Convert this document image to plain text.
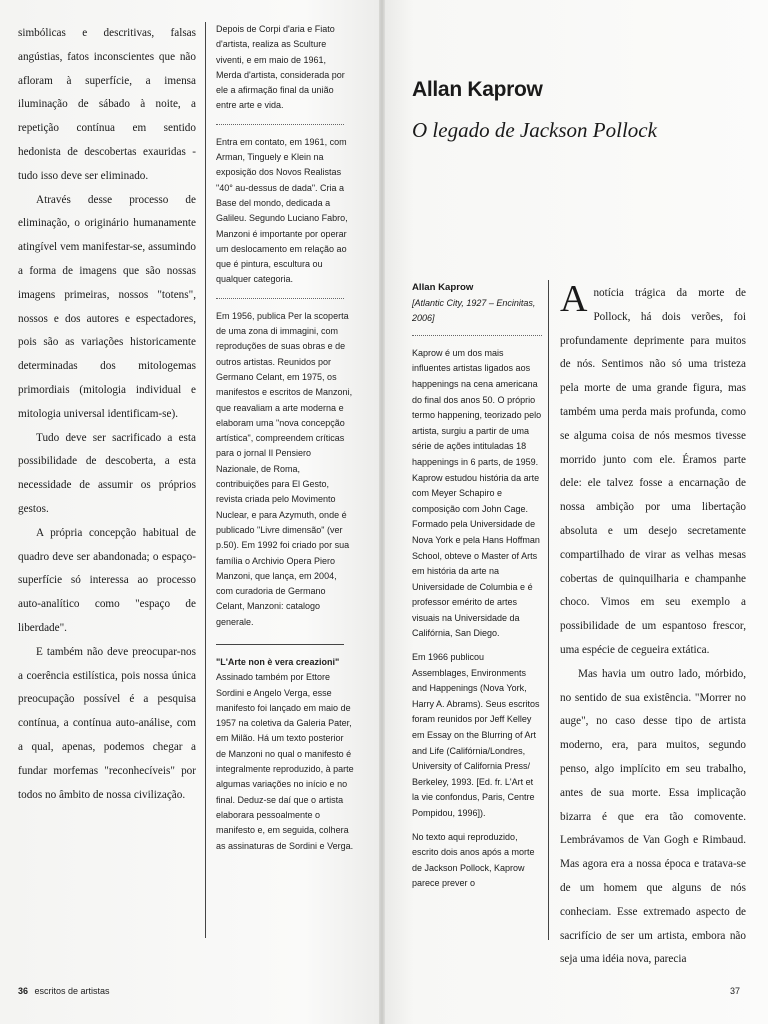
simbólicas e descritivas, falsas angústias, fatos inconscientes que não afloram à superfície, a imensa iluminação de sábado à noite, a repetição contínua em sentido hedonista de descobertas exauridas - tudo isso deve ser eliminado.

Através desse processo de eliminação, o originário humanamente atingível vem manifestar-se, assumindo a forma de imagens que são nossas imagens primeiras, nossos "totens", nossos e dos autores e espectadores, pois são as variações historicamente determinadas dos mitologemas primordiais (mitologia individual e mitologia universal identificam-se).

Tudo deve ser sacrificado a esta possibilidade de descoberta, a esta necessidade de assumir os próprios gestos.

A própria concepção habitual de quadro deve ser abandonada; o espaço-superfície só interessa ao processo auto-analítico como "espaço de liberdade".

E também não deve preocupar-nos a coerência estilística, pois nossa única preocupação possível é a pesquisa contínua, a contínua auto-análise, com a qual, apenas, podemos chegar a fundar morfemas "reconhecíveis" por todos no âmbito de nossa civilização.

Depois de Corpi d'aria e Fiato d'artista, realiza as Sculture viventi, e em maio de 1961, Merda d'artista, considerada por ele a afirmação final da união entre arte e vida.
Entra em contato, em 1961, com Arman, Tinguely e Klein na exposição dos Novos Realistas "40° au-dessus de dada". Cria a Base del mondo, dedicada a Galileu. Segundo Luciano Fabro, Manzoni é importante por operar um deslocamento em relação ao que é pintura, escultura ou qualquer categoria.
Em 1956, publica Per la scoperta de uma zona di immagini, com reproduções de suas obras e de outros artistas. Reunidos por Germano Celant, em 1975, os manifestos e escritos de Manzoni, que reavaliam a arte moderna e elaboram uma "nova concepção artística", compreendem críticas para o jornal Il Pensiero Nazionale, de Roma, contribuições para El Gesto, revista criada pelo Movimento Nuclear, e para Azymuth, onde é publicado "Livre dimensão" (ver p.50). Em 1992 foi criado por sua família o Archivio Opera Piero Manzoni, que lança, em 2004, com curadoria de Germano Celant, Manzoni: catalogo generale.
"L'Arte non è vera creazioni"
Assinado também por Ettore Sordini e Angelo Verga, esse manifesto foi lançado em maio de 1957 na coletiva da Galeria Pater, em Milão. Há um texto posterior de Manzoni no qual o manifesto é integralmente reproduzido, à parte algumas variações no início e no final. Deduz-se daí que o artista elaborara pessoalmente o manifesto e, em seguida, colhera as assinaturas de Sordini e Verga.
Allan Kaprow
O legado de Jackson Pollock
Allan Kaprow
[Atlantic City, 1927 – Encinitas, 2006]

Kaprow é um dos mais influentes artistas ligados aos happenings na cena americana do final dos anos 50. O próprio termo happening, teorizado pelo artista, surgiu a partir de uma série de ações intituladas 18 happenings in 6 parts, de 1959. Kaprow estudou história da arte com Meyer Schapiro e composição com John Cage. Formado pela Universidade de Nova York e pela Hans Hoffman School, obteve o Master of Arts em história da arte na Universidade de Columbia e é professor emérito de artes visuais na Universidade da Califórnia, San Diego.

Em 1966 publicou Assemblages, Environments and Happenings (Nova York, Harry A. Abrams). Seus escritos foram reunidos por Jeff Kelley em Essay on the Blurring of Art and Life (Califórnia/Londres, University of California Press/ Berkeley, 1993. [Ed. fr. L'Art et la vie confondus, Paris, Centre Pompidou, 1996]).

No texto aqui reproduzido, escrito dois anos após a morte de Jackson Pollock, Kaprow parece prever o

Anotícia trágica da morte de Pollock, há dois verões, foi profundamente deprimente para muitos de nós. Sentimos não só uma tristeza pela morte de uma grande figura, mas também uma perda mais profunda, como se alguma coisa de nós mesmos tivesse morrido junto com ele. Éramos parte dele: ele talvez fosse a encarnação de nossa ambição por uma libertação absoluta e um desejo secretamente compartilhado de virar as velhas mesas cobertas de quinquilharia e champanhe choco. Vimos em seu exemplo a possibilidade de um espantoso frescor, uma espécie de cegueira extática.

Mas havia um outro lado, mórbido, no sentido de sua existência. "Morrer no auge", no caso desse tipo de artista moderno, era, para muitos, segundo penso, algo implícito em seu trabalho, antes de sua morte. Essa implicação bizarra é que era tão comovente. Lembrávamos de Van Gogh e Rimbaud. Mas agora era a nossa época e tratava-se de um homem que alguns de nós conheciam. Esse extremado aspecto de sacrifício de ser um artista, embora não seja uma idéia nova, parecia

36 escritos de artistas	37
